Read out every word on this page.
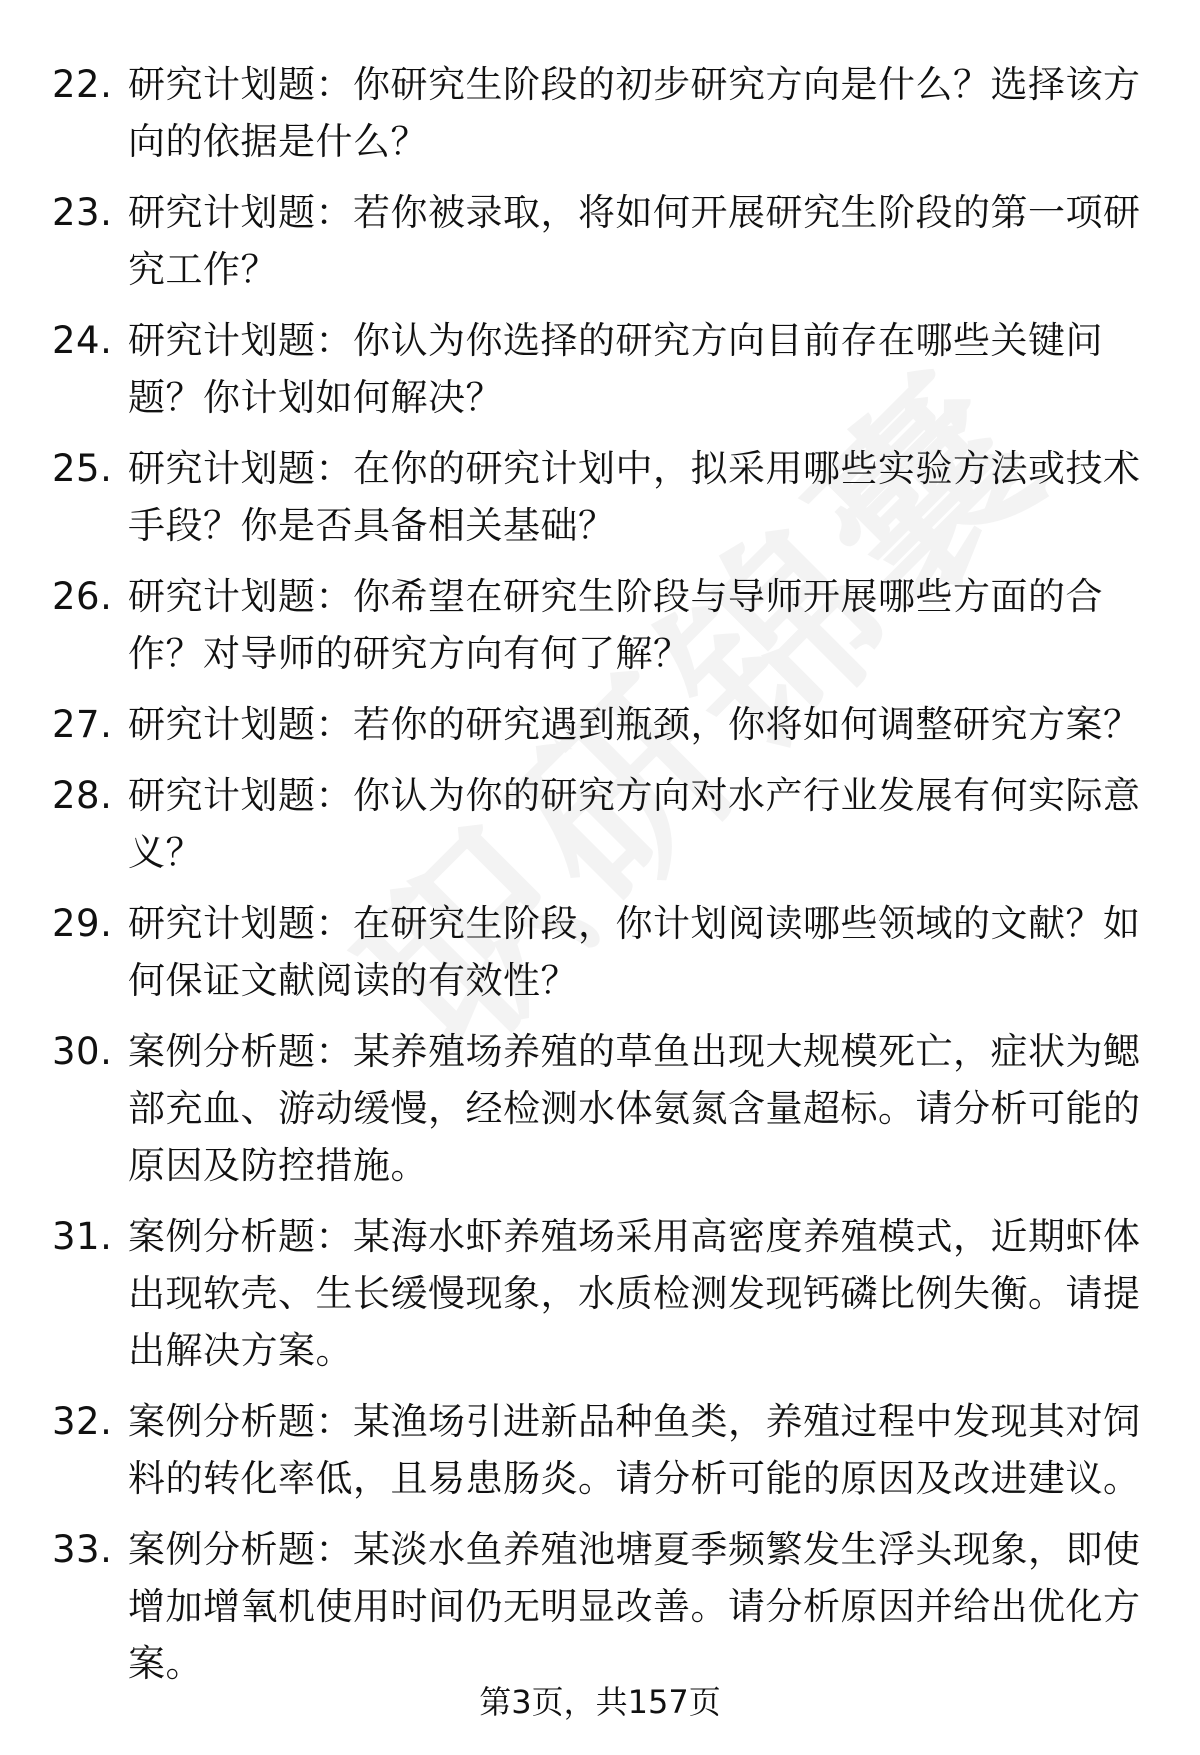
22. 研究计划题：你研究生阶段的初步研究方向是什么？选择该方向的依据是什么？
23. 研究计划题：若你被录取，将如何开展研究生阶段的第一项研究工作？
24. 研究计划题：你认为你选择的研究方向目前存在哪些关键问题？你计划如何解决？
25. 研究计划题：在你的研究计划中，拟采用哪些实验方法或技术手段？你是否具备相关基础？
26. 研究计划题：你希望在研究生阶段与导师开展哪些方面的合作？对导师的研究方向有何了解？
27. 研究计划题：若你的研究遇到瓶颈，你将如何调整研究方案？
28. 研究计划题：你认为你的研究方向对水产行业发展有何实际意义？
29. 研究计划题：在研究生阶段，你计划阅读哪些领域的文献？如何保证文献阅读的有效性？
30. 案例分析题：某养殖场养殖的草鱼出现大规模死亡，症状为鳃部充血、游动缓慢，经检测水体氨氮含量超标。请分析可能的原因及防控措施。
31. 案例分析题：某海水虾养殖场采用高密度养殖模式，近期虾体出现软壳、生长缓慢现象，水质检测发现钙磷比例失衡。请提出解决方案。
32. 案例分析题：某渔场引进新品种鱼类，养殖过程中发现其对饲料的转化率低，且易患肠炎。请分析可能的原因及改进建议。
33. 案例分析题：某淡水鱼养殖池塘夏季频繁发生浮头现象，即使增加增氧机使用时间仍无明显改善。请分析原因并给出优化方案。
第3页，共157页
